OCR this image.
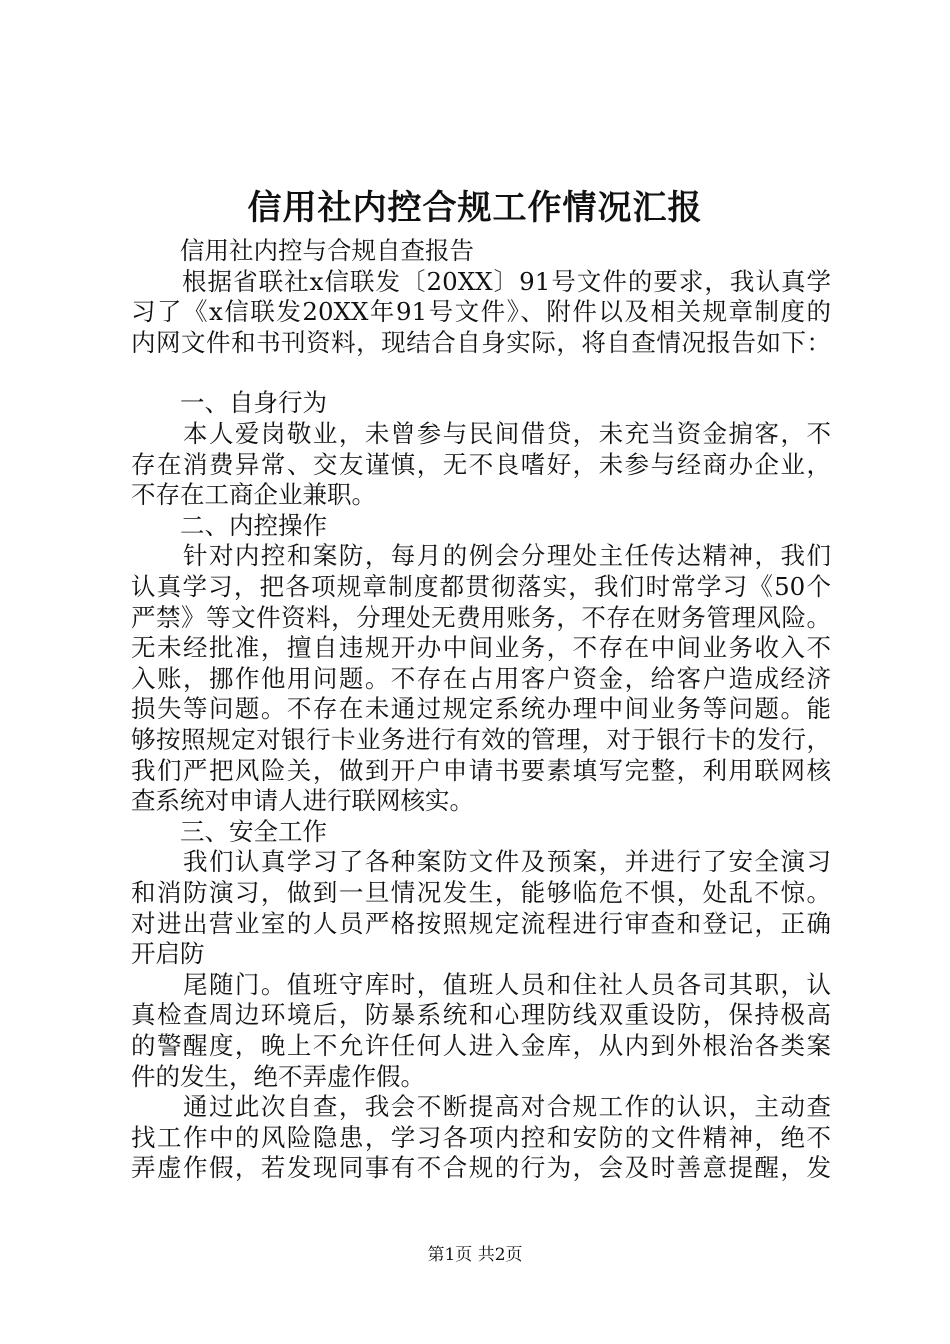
信用社内控合规工作情况汇报
　　信用社内控与合规自查报告
　　根据省联社x信联发〔20XX〕91号文件的要求，我认真学
习了《x信联发20XX年91号文件》、附件以及相关规章制度的
内网文件和书刊资料，现结合自身实际，将自查情况报告如下：
　　一、自身行为
　　本人爱岗敬业，未曾参与民间借贷，未充当资金掮客，不
存在消费异常、交友谨慎，无不良嗜好，未参与经商办企业，
不存在工商企业兼职。
　　二、内控操作
　　针对内控和案防，每月的例会分理处主任传达精神，我们
认真学习，把各项规章制度都贯彻落实，我们时常学习《50个
严禁》等文件资料，分理处无费用账务，不存在财务管理风险。
无未经批准，擅自违规开办中间业务，不存在中间业务收入不
入账，挪作他用问题。不存在占用客户资金，给客户造成经济
损失等问题。不存在未通过规定系统办理中间业务等问题。能
够按照规定对银行卡业务进行有效的管理，对于银行卡的发行，
我们严把风险关，做到开户申请书要素填写完整，利用联网核
查系统对申请人进行联网核实。
　　三、安全工作
　　我们认真学习了各种案防文件及预案，并进行了安全演习
和消防演习，做到一旦情况发生，能够临危不惧，处乱不惊。
对进出营业室的人员严格按照规定流程进行审查和登记，正确
开启防
　　尾随门。值班守库时，值班人员和住社人员各司其职，认
真检查周边环境后，防暴系统和心理防线双重设防，保持极高
的警醒度，晚上不允许任何人进入金库，从内到外根治各类案
件的发生，绝不弄虚作假。
　　通过此次自查，我会不断提高对合规工作的认识，主动查
找工作中的风险隐患，学习各项内控和安防的文件精神，绝不
弄虚作假，若发现同事有不合规的行为，会及时善意提醒，发
第1页 共2页
